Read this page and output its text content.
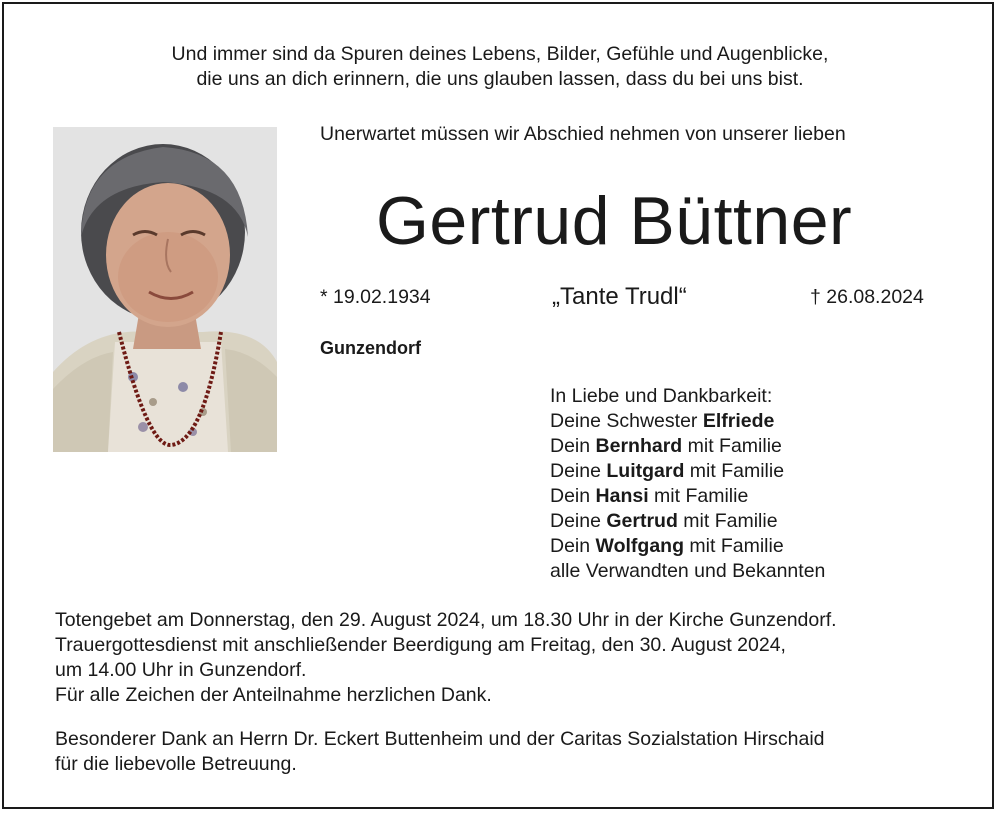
Und immer sind da Spuren deines Lebens, Bilder, Gefühle und Augenblicke,
die uns an dich erinnern, die uns glauben lassen, dass du bei uns bist.
Unerwartet müssen wir Abschied nehmen von unserer lieben
Gertrud Büttner
* 19.02.1934	„Tante Trudl“	† 26.08.2024
Gunzendorf
In Liebe und Dankbarkeit:
Deine Schwester Elfriede
Dein Bernhard mit Familie
Deine Luitgard mit Familie
Dein Hansi mit Familie
Deine Gertrud mit Familie
Dein Wolfgang mit Familie
alle Verwandten und Bekannten
Totengebet am Donnerstag, den 29. August 2024, um 18.30 Uhr in der Kirche Gunzendorf.
Trauergottesdienst mit anschließender Beerdigung am Freitag, den 30. August 2024,
um 14.00 Uhr in Gunzendorf.
Für alle Zeichen der Anteilnahme herzlichen Dank.
Besonderer Dank an Herrn Dr. Eckert Buttenheim und der Caritas Sozialstation Hirschaid
für die liebevolle Betreuung.
